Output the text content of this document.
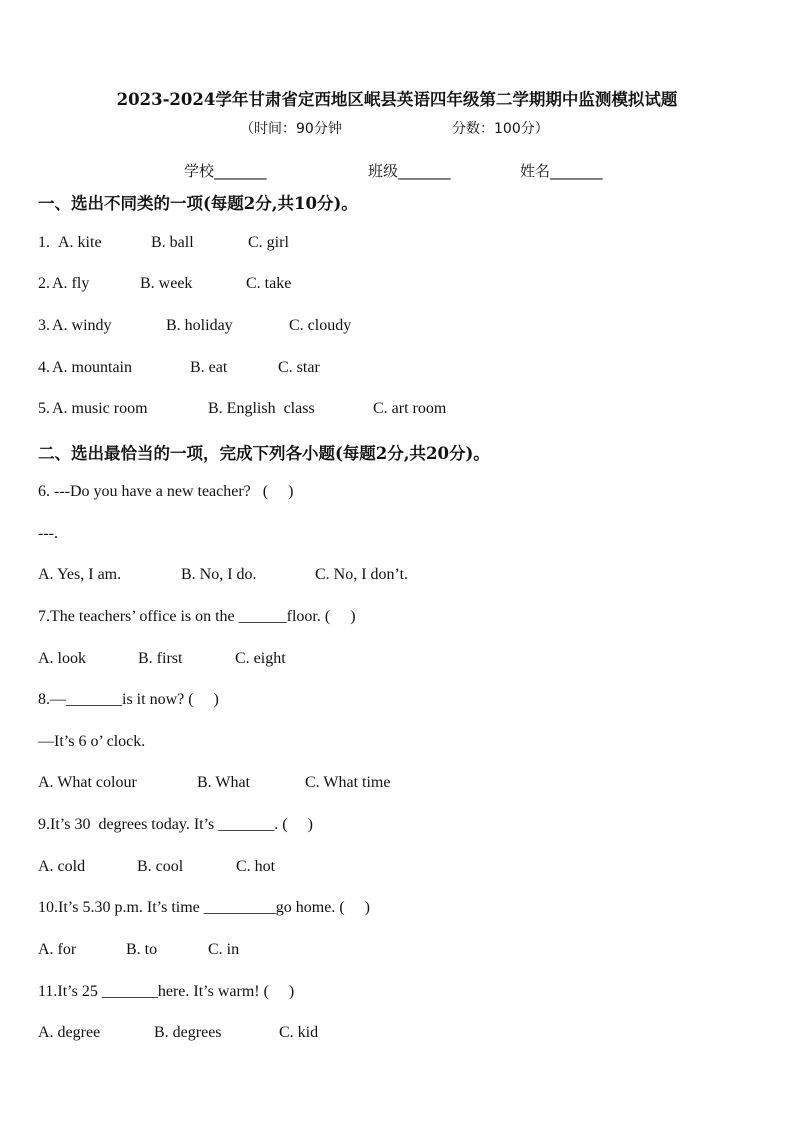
2023-2024学年甘肃省定西地区岷县英语四年级第二学期期中监测模拟试题
（时间：90分钟	分数：100分）
学校_______	班级_______	姓名_______
一、选出不同类的一项(每题2分,共10分)。
1. A. kite	B. ball	C. girl
2. A. fly	B. week	C. take
3. A. windy	B. holiday	C. cloudy
4. A. mountain	B. eat	C. star
5. A. music room	B. English  class	C. art room
二、选出最恰当的一项，完成下列各小题(每题2分,共20分)。
6. ---Do you have a new teacher?   (     )
---.
A. Yes, I am.	B. No, I do.	C. No, I don’t.
7.The teachers’ office is on the ______floor. (     )
A. look	B. first	C. eight
8.—_______is it now? (     )
—It’s 6 o’ clock.
A. What colour	B. What	C. What time
9.It’s 30  degrees today. It’s _______. (     )
A. cold	B. cool	C. hot
10.It’s 5.30 p.m. It’s time _________go home. (     )
A. for	B. to	C. in
11.It’s 25 _______here. It’s warm! (     )
A. degree	B. degrees	C. kid
